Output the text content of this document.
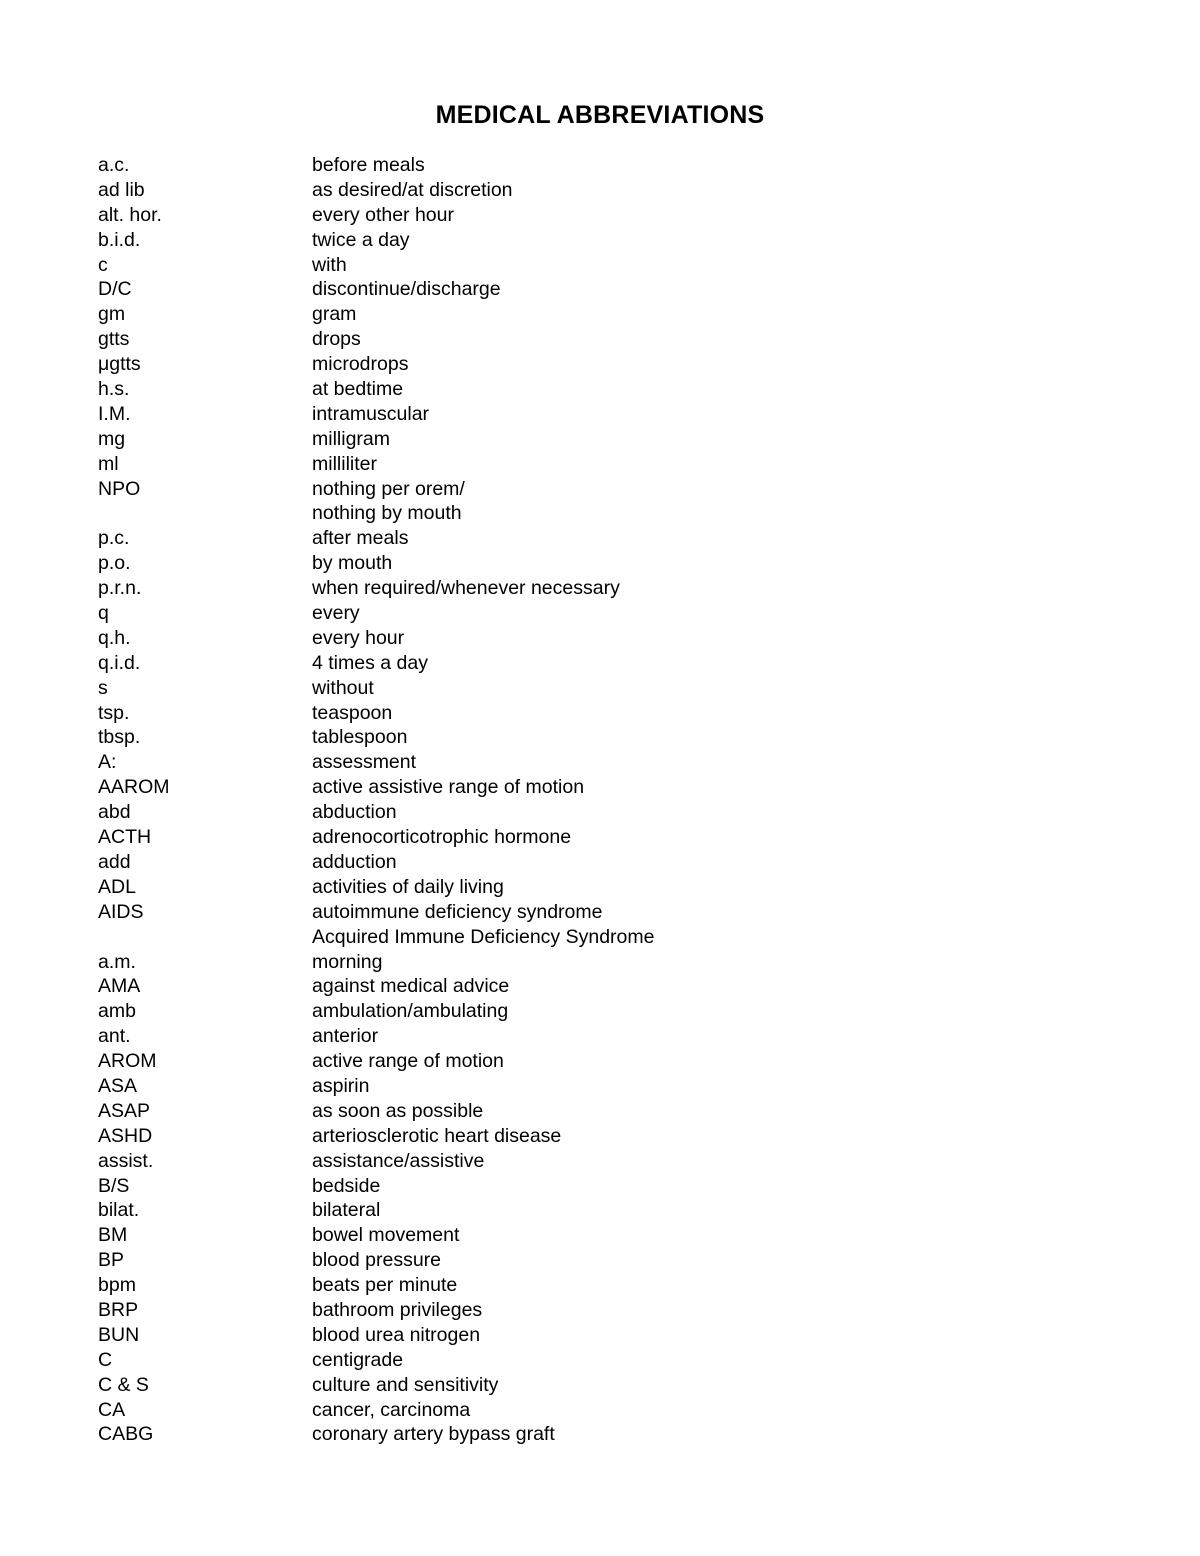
MEDICAL ABBREVIATIONS
a.c.	before meals
ad lib	as desired/at discretion
alt. hor.	every other hour
b.i.d.	twice a day
c	with
D/C	discontinue/discharge
gm	gram
gtts	drops
μgtts	microdrops
h.s.	at bedtime
I.M.	intramuscular
mg	milligram
ml	milliliter
NPO	nothing per orem/
nothing by mouth
p.c.	after meals
p.o.	by mouth
p.r.n.	when required/whenever necessary
q	every
q.h.	every hour
q.i.d.	4 times a day
s	without
tsp.	teaspoon
tbsp.	tablespoon
A:	assessment
AAROM	active assistive range of motion
abd	abduction
ACTH	adrenocorticotrophic hormone
add	adduction
ADL	activities of daily living
AIDS	autoimmune deficiency syndrome
Acquired Immune Deficiency Syndrome
a.m.	morning
AMA	against medical advice
amb	ambulation/ambulating
ant.	anterior
AROM	active range of motion
ASA	aspirin
ASAP	as soon as possible
ASHD	arteriosclerotic heart disease
assist.	assistance/assistive
B/S	bedside
bilat.	bilateral
BM	bowel movement
BP	blood pressure
bpm	beats per minute
BRP	bathroom privileges
BUN	blood urea nitrogen
C	centigrade
C & S	culture and sensitivity
CA	cancer, carcinoma
CABG	coronary artery bypass graft
